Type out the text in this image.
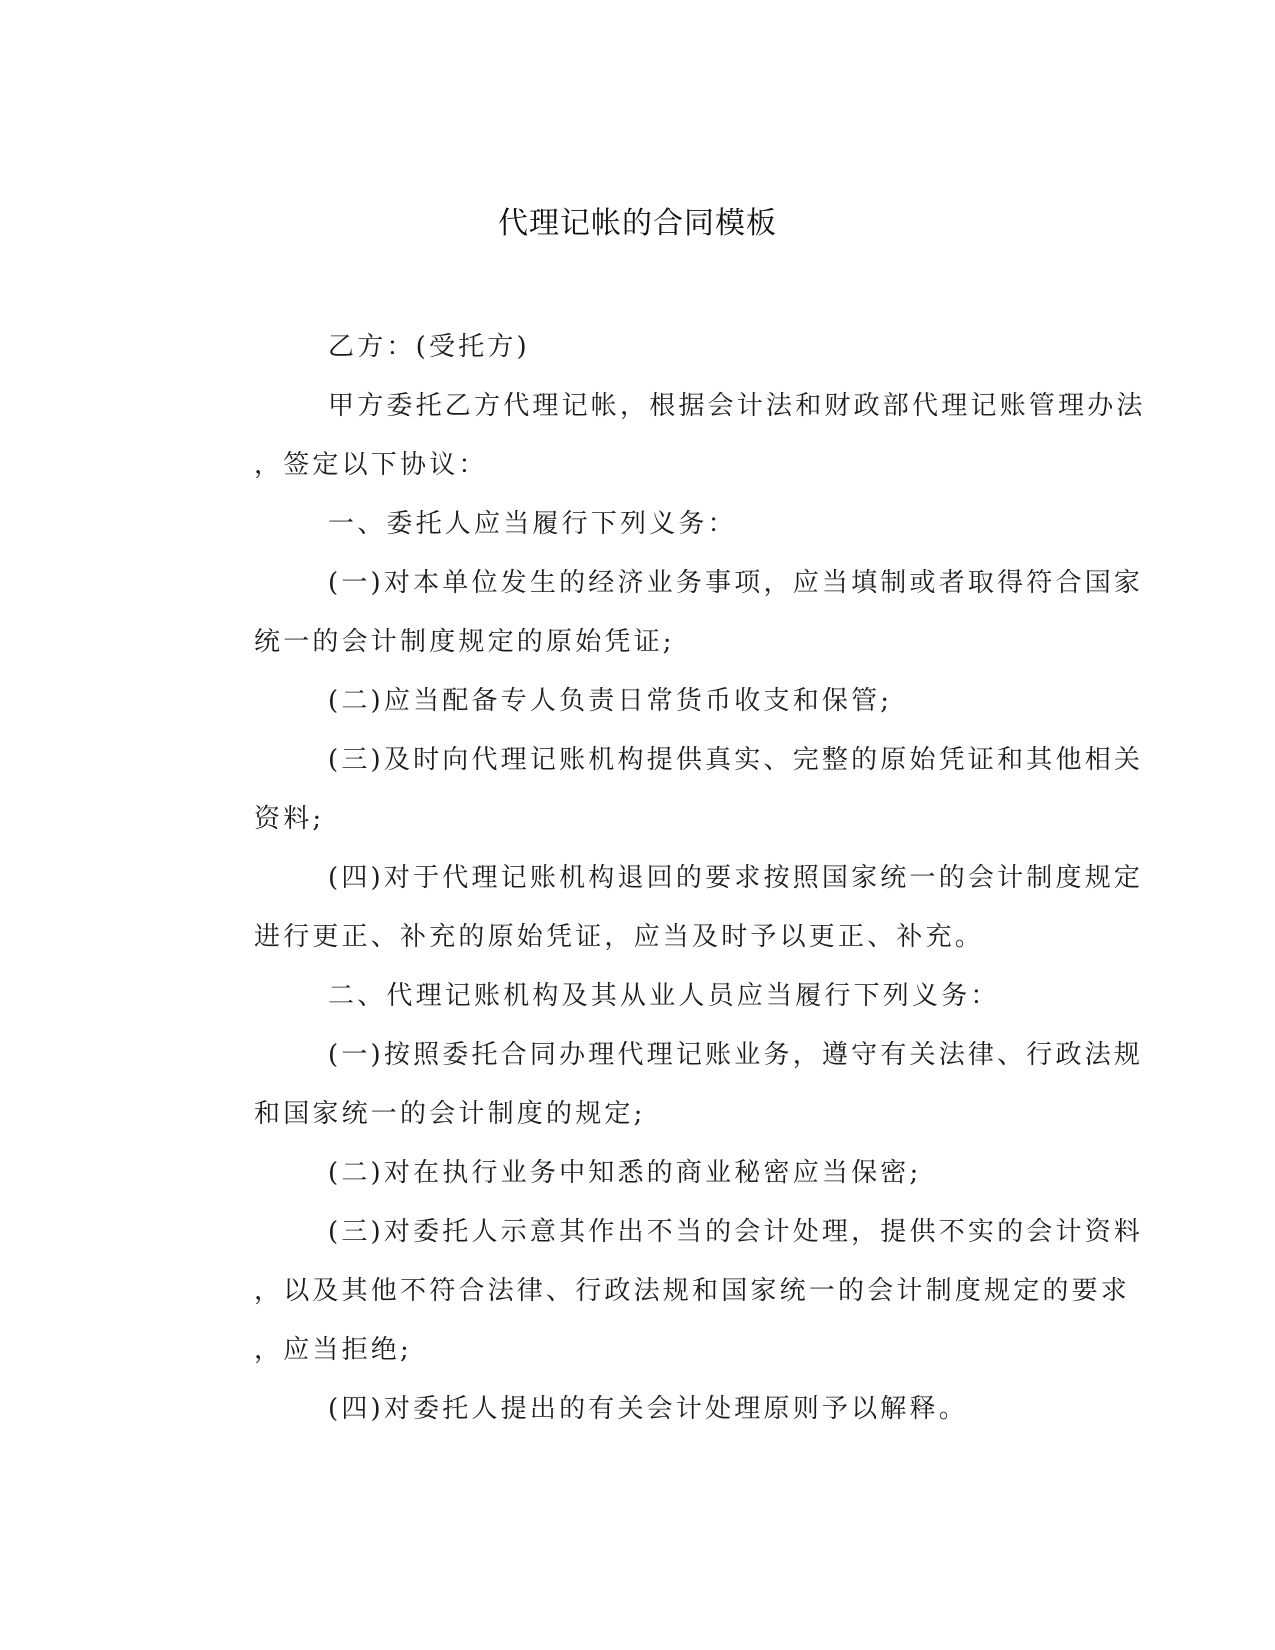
代理记帐的合同模板
乙方：(受托方)
甲方委托乙方代理记帐，根据会计法和财政部代理记账管理办法
，签定以下协议：
一、委托人应当履行下列义务：
(一)对本单位发生的经济业务事项，应当填制或者取得符合国家
统一的会计制度规定的原始凭证;
(二)应当配备专人负责日常货币收支和保管;
(三)及时向代理记账机构提供真实、完整的原始凭证和其他相关
资料;
(四)对于代理记账机构退回的要求按照国家统一的会计制度规定
进行更正、补充的原始凭证，应当及时予以更正、补充。
二、代理记账机构及其从业人员应当履行下列义务：
(一)按照委托合同办理代理记账业务，遵守有关法律、行政法规
和国家统一的会计制度的规定;
(二)对在执行业务中知悉的商业秘密应当保密;
(三)对委托人示意其作出不当的会计处理，提供不实的会计资料
，以及其他不符合法律、行政法规和国家统一的会计制度规定的要求
，应当拒绝;
(四)对委托人提出的有关会计处理原则予以解释。
